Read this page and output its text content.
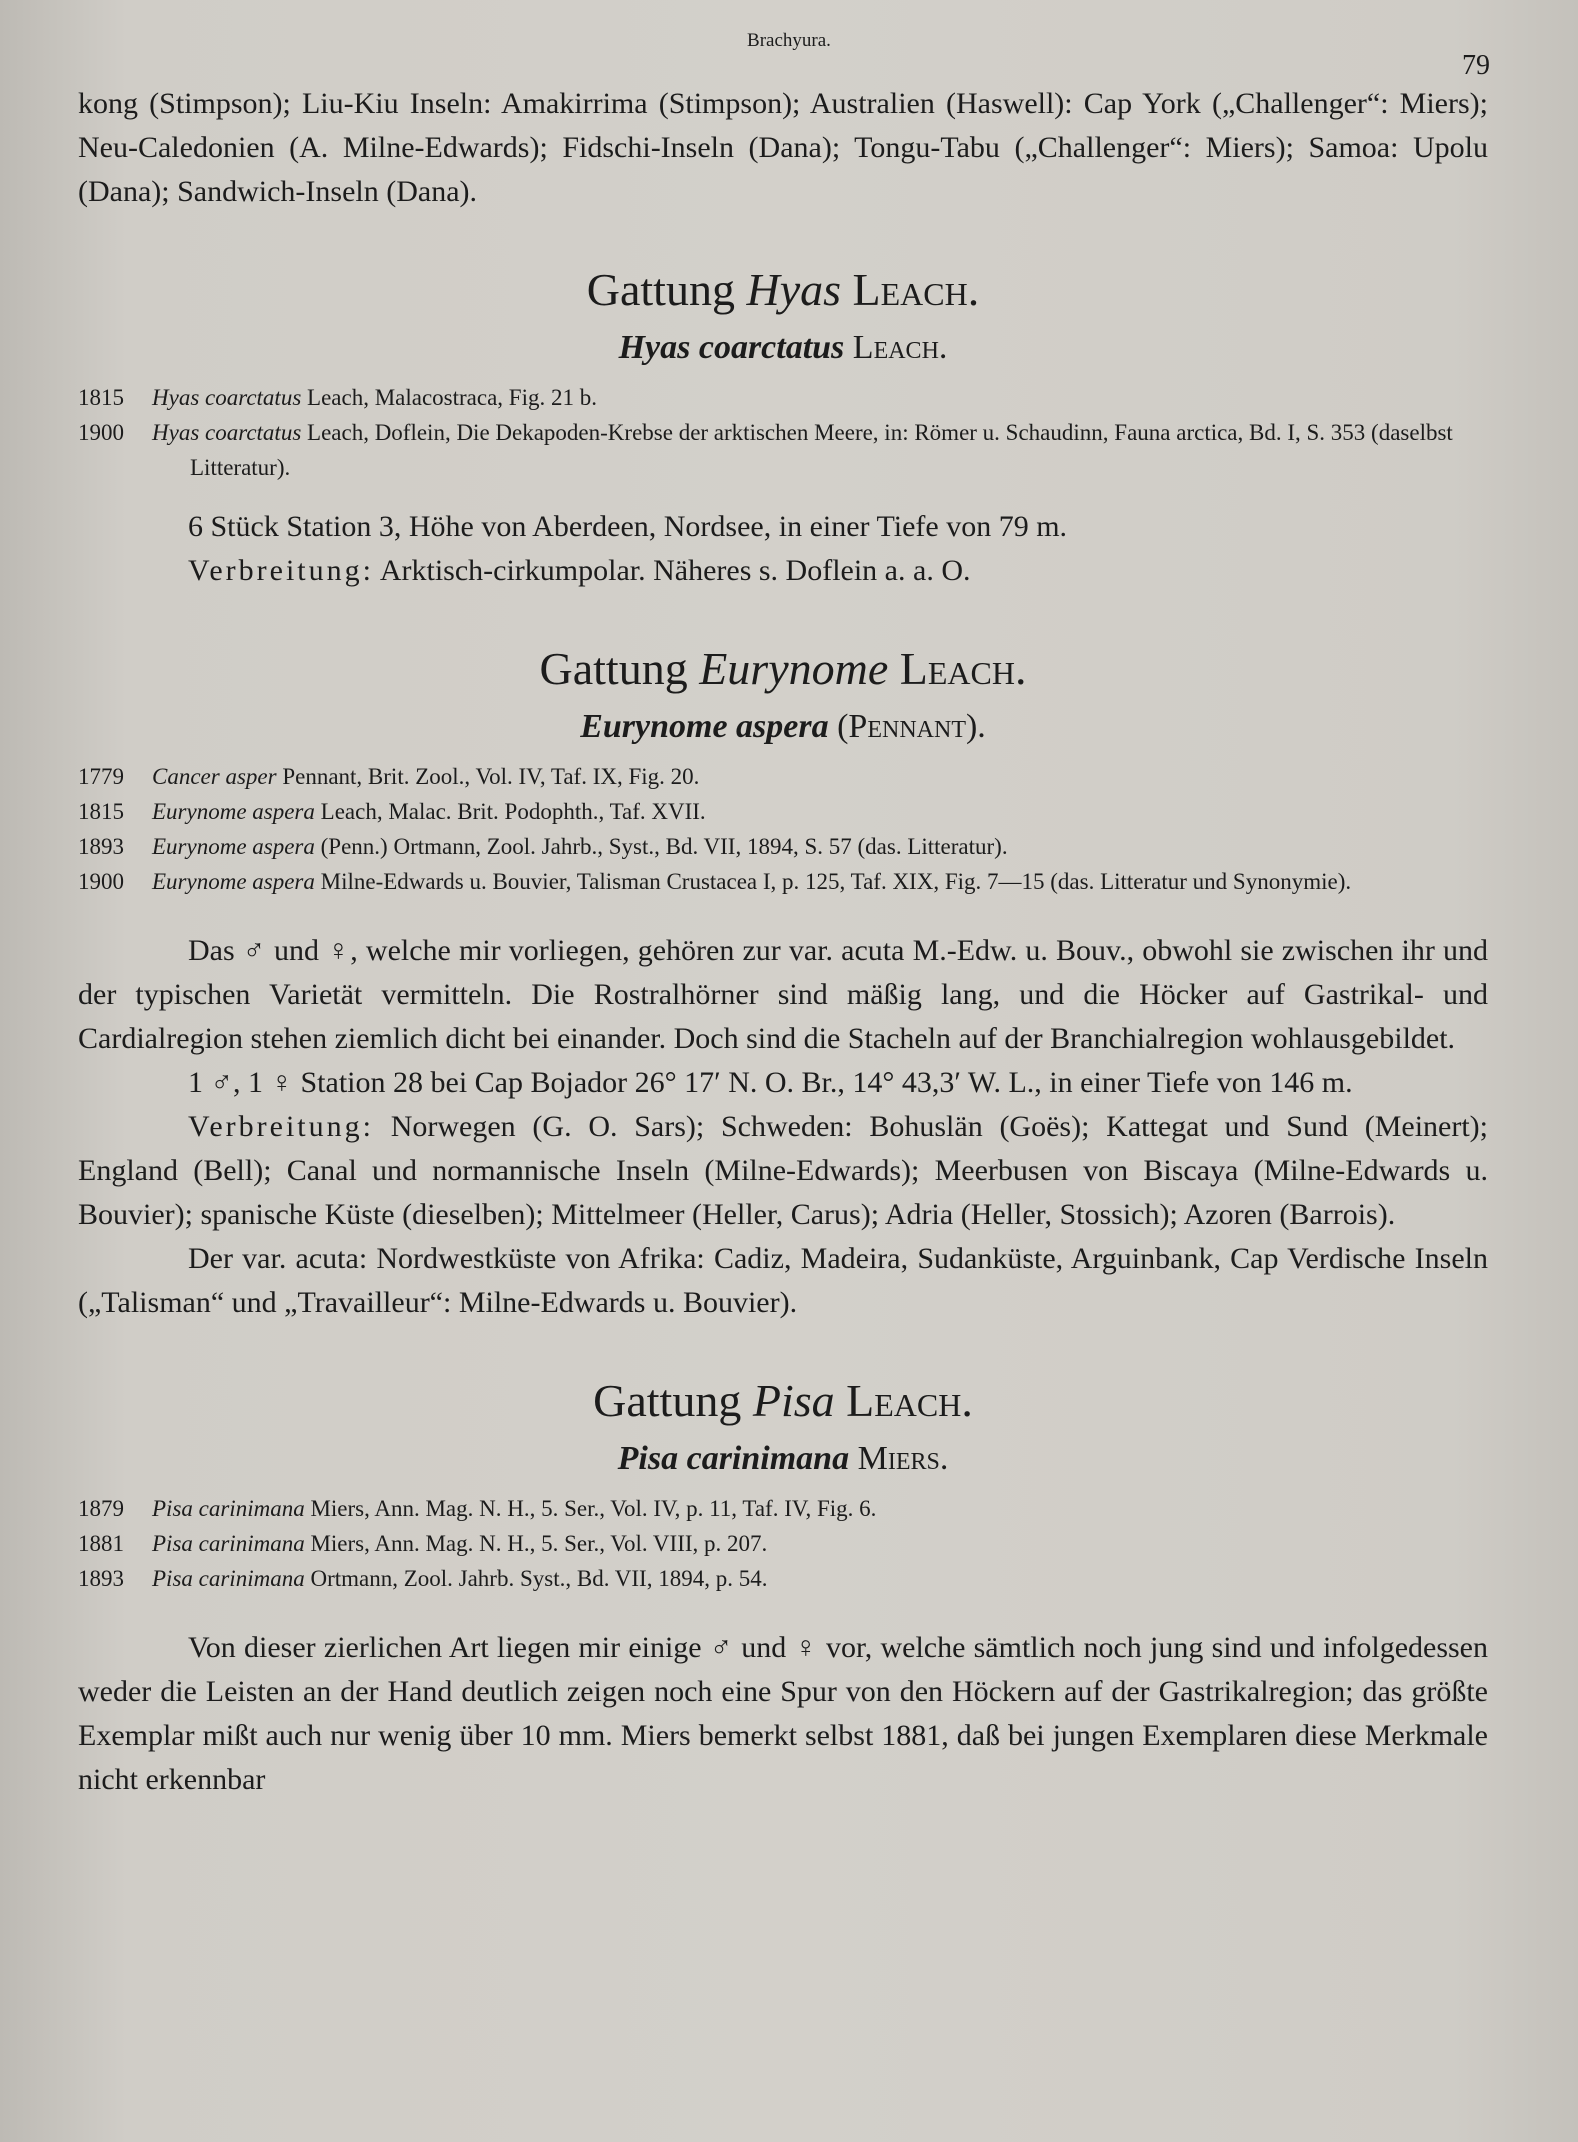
Brachyura.
79

kong (Stimpson); Liu-Kiu Inseln: Amakirrima (Stimpson); Australien (Haswell): Cap York („Challenger“: Miers); Neu-Caledonien (A. Milne-Edwards); Fidschi-Inseln (Dana); Tongu-Tabu („Challenger“: Miers); Samoa: Upolu (Dana); Sandwich-Inseln (Dana).

Gattung Hyas Leach.
Hyas coarctatus Leach.

1815 Hyas coarctatus Leach, Malacostraca, Fig. 21 b.

1900 Hyas coarctatus Leach, Doflein, Die Dekapoden-Krebse der arktischen Meere, in: Römer u. Schaudinn, Fauna arctica, Bd. I, S. 353 (daselbst Litteratur).

6 Stück Station 3, Höhe von Aberdeen, Nordsee, in einer Tiefe von 79 m.

Verbreitung: Arktisch-cirkumpolar. Näheres s. Doflein a. a. O.

Gattung Eurynome Leach.
Eurynome aspera (Pennant).

1779 Cancer asper Pennant, Brit. Zool., Vol. IV, Taf. IX, Fig. 20.

1815 Eurynome aspera Leach, Malac. Brit. Podophth., Taf. XVII.

1893 Eurynome aspera (Penn.) Ortmann, Zool. Jahrb., Syst., Bd. VII, 1894, S. 57 (das. Litteratur).

1900 Eurynome aspera Milne-Edwards u. Bouvier, Talisman Crustacea I, p. 125, Taf. XIX, Fig. 7—15 (das. Litteratur und Synonymie).

Das ♂ und ♀, welche mir vorliegen, gehören zur var. acuta M.-Edw. u. Bouv., obwohl sie zwischen ihr und der typischen Varietät vermitteln. Die Rostralhörner sind mäßig lang, und die Höcker auf Gastrikal- und Cardialregion stehen ziemlich dicht bei einander. Doch sind die Stacheln auf der Branchialregion wohlausgebildet.

1 ♂, 1 ♀ Station 28 bei Cap Bojador 26° 17′ N. O. Br., 14° 43,3′ W. L., in einer Tiefe von 146 m.

Verbreitung: Norwegen (G. O. Sars); Schweden: Bohuslän (Goës); Kattegat und Sund (Meinert); England (Bell); Canal und normannische Inseln (Milne-Edwards); Meerbusen von Biscaya (Milne-Edwards u. Bouvier); spanische Küste (dieselben); Mittelmeer (Heller, Carus); Adria (Heller, Stossich); Azoren (Barrois).

Der var. acuta: Nordwestküste von Afrika: Cadiz, Madeira, Sudanküste, Arguinbank, Cap Verdische Inseln („Talisman“ und „Travailleur“: Milne-Edwards u. Bouvier).

Gattung Pisa Leach.
Pisa carinimana Miers.

1879 Pisa carinimana Miers, Ann. Mag. N. H., 5. Ser., Vol. IV, p. 11, Taf. IV, Fig. 6.

1881 Pisa carinimana Miers, Ann. Mag. N. H., 5. Ser., Vol. VIII, p. 207.

1893 Pisa carinimana Ortmann, Zool. Jahrb. Syst., Bd. VII, 1894, p. 54.

Von dieser zierlichen Art liegen mir einige ♂ und ♀ vor, welche sämtlich noch jung sind und infolgedessen weder die Leisten an der Hand deutlich zeigen noch eine Spur von den Höckern auf der Gastrikalregion; das größte Exemplar mißt auch nur wenig über 10 mm. Miers bemerkt selbst 1881, daß bei jungen Exemplaren diese Merkmale nicht erkennbar
